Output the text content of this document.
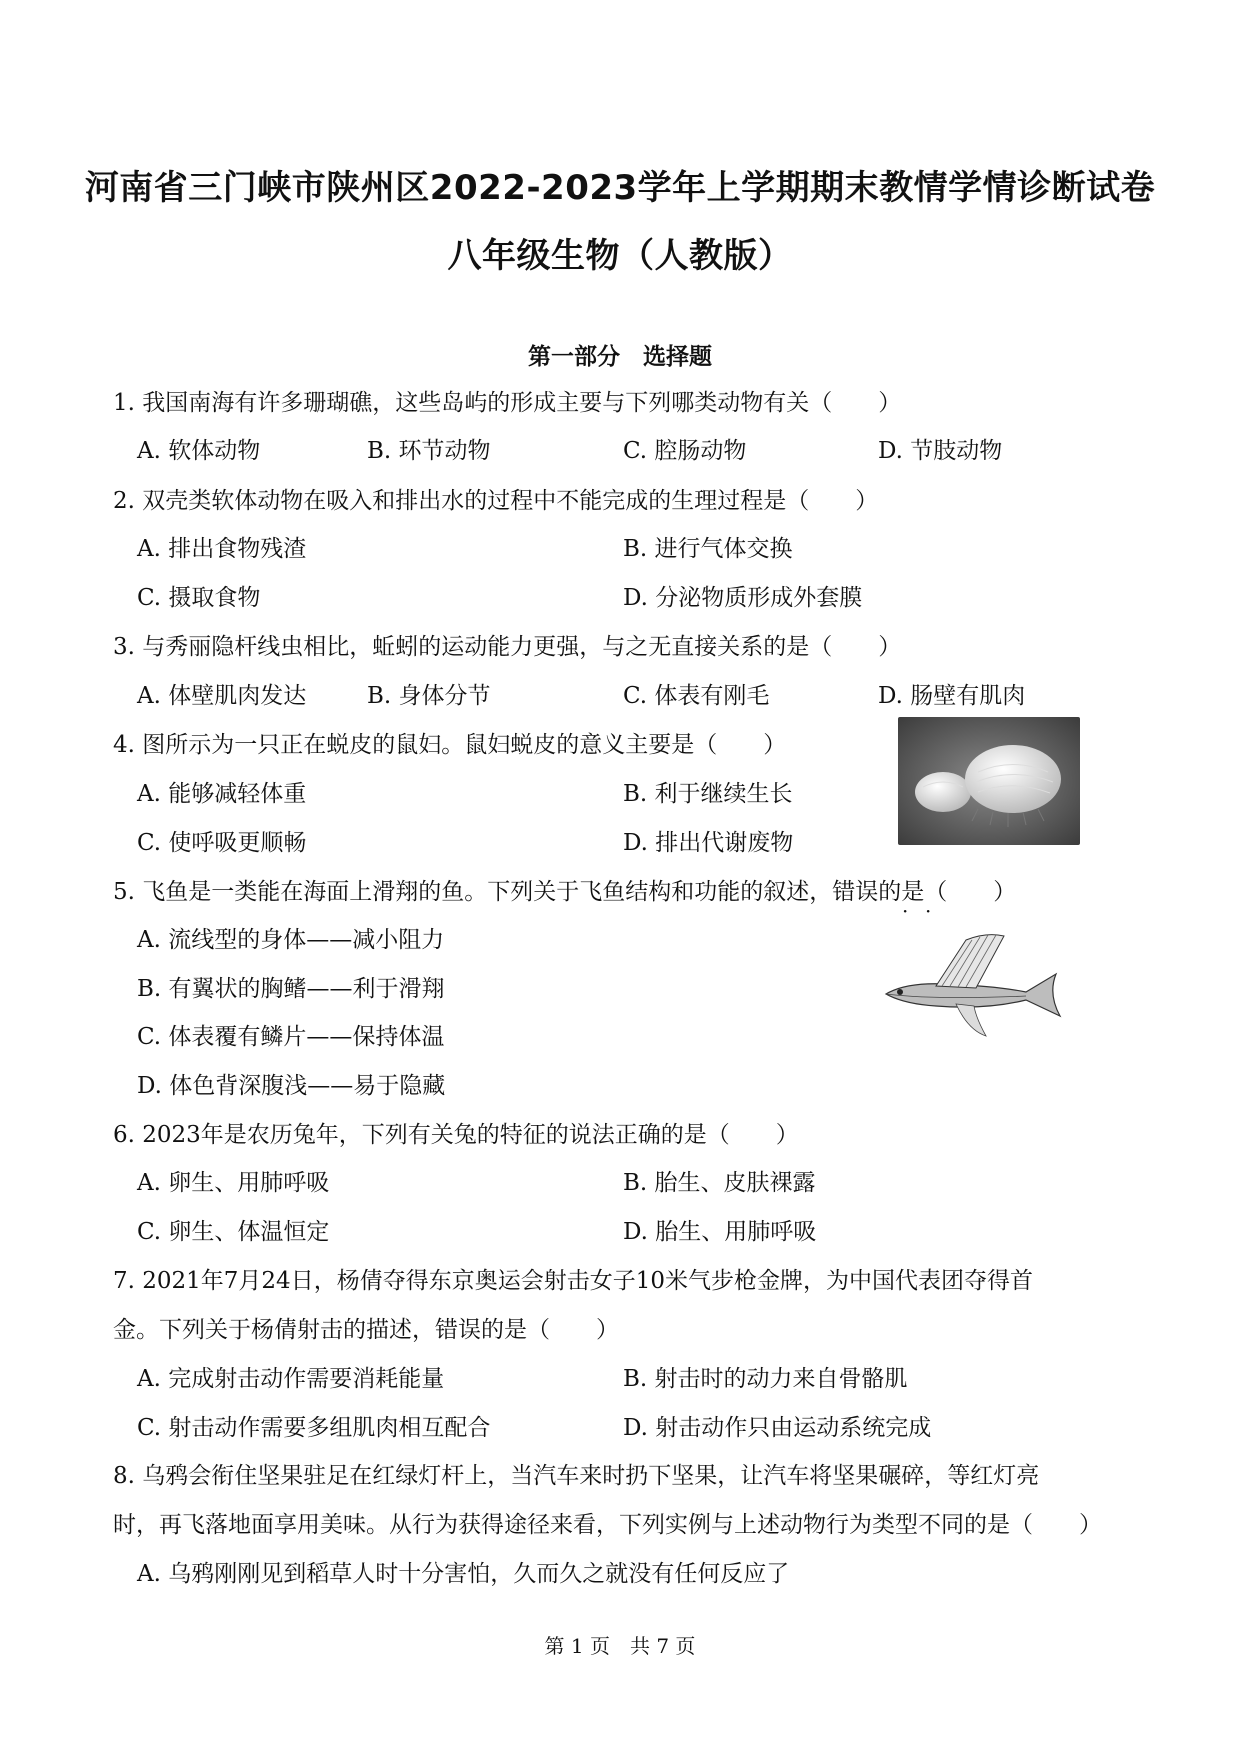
河南省三门峡市陕州区2022-2023学年上学期期末教情学情诊断试卷
八年级生物（人教版）
第一部分　选择题
1. 我国南海有许多珊瑚礁，这些岛屿的形成主要与下列哪类动物有关（　　）
A. 软体动物	B. 环节动物	C. 腔肠动物	D. 节肢动物
2. 双壳类软体动物在吸入和排出水的过程中不能完成的生理过程是（　　）
A. 排出食物残渣	B. 进行气体交换
C. 摄取食物	D. 分泌物质形成外套膜
3. 与秀丽隐杆线虫相比，蚯蚓的运动能力更强，与之无直接关系的是（　　）
A. 体壁肌肉发达	B. 身体分节	C. 体表有刚毛	D. 肠壁有肌肉
4. 图所示为一只正在蜕皮的鼠妇。鼠妇蜕皮的意义主要是（　　）
A. 能够减轻体重	B. 利于继续生长
C. 使呼吸更顺畅	D. 排出代谢废物
5. 飞鱼是一类能在海面上滑翔的鱼。下列关于飞鱼结构和功能的叙述，错误的是（　　）
· ·
A. 流线型的身体——减小阻力
B. 有翼状的胸鳍——利于滑翔
C. 体表覆有鳞片——保持体温
D. 体色背深腹浅——易于隐藏
6. 2023年是农历兔年，下列有关兔的特征的说法正确的是（　　）
A. 卵生、用肺呼吸	B. 胎生、皮肤裸露
C. 卵生、体温恒定	D. 胎生、用肺呼吸
7. 2021年7月24日，杨倩夺得东京奥运会射击女子10米气步枪金牌，为中国代表团夺得首
金。下列关于杨倩射击的描述，错误的是（　　）
A. 完成射击动作需要消耗能量	B. 射击时的动力来自骨骼肌
C. 射击动作需要多组肌肉相互配合	D. 射击动作只由运动系统完成
8. 乌鸦会衔住坚果驻足在红绿灯杆上，当汽车来时扔下坚果，让汽车将坚果碾碎，等红灯亮
时，再飞落地面享用美味。从行为获得途径来看，下列实例与上述动物行为类型不同的是（　　）
A. 乌鸦刚刚见到稻草人时十分害怕，久而久之就没有任何反应了
第 1 页　共 7 页
